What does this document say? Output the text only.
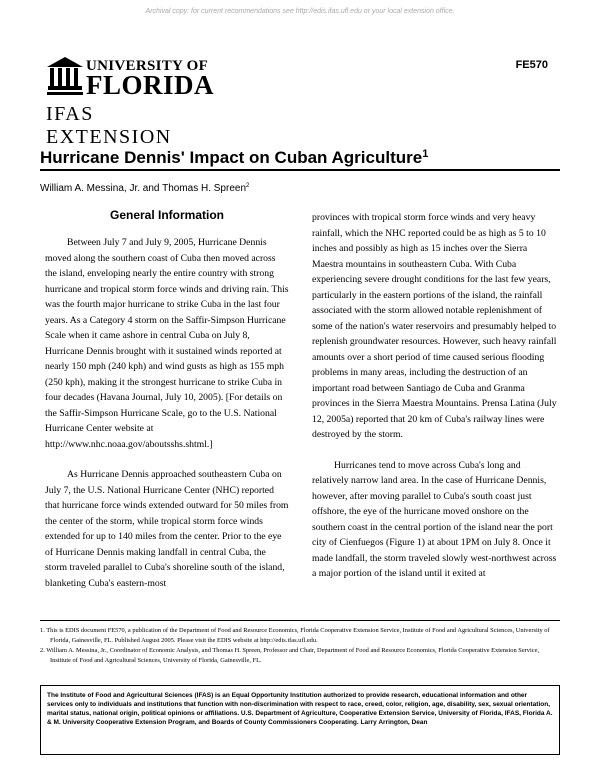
Archival copy: for current recommendations see http://edis.ifas.ufl.edu or your local extension office.
UNIVERSITY OF
FLORIDA
IFAS EXTENSION
FE570
Hurricane Dennis' Impact on Cuban Agriculture$^1$
William A. Messina, Jr. and Thomas H. Spreen$^2$
General Information

Between July 7 and July 9, 2005, Hurricane Dennis moved along the southern coast of Cuba then moved across the island, enveloping nearly the entire country with strong hurricane and tropical storm force winds and driving rain. This was the fourth major hurricane to strike Cuba in the last four years. As a Category 4 storm on the Saffir-Simpson Hurricane Scale when it came ashore in central Cuba on July 8, Hurricane Dennis brought with it sustained winds reported at nearly 150 mph (240 kph) and wind gusts as high as 155 mph (250 kph), making it the strongest hurricane to strike Cuba in four decades (Havana Journal, July 10, 2005). [For details on the Saffir-Simpson Hurricane Scale, go to the U.S. National Hurricane Center website at http://www.nhc.noaa.gov/aboutsshs.shtml.]

As Hurricane Dennis approached southeastern Cuba on July 7, the U.S. National Hurricane Center (NHC) reported that hurricane force winds extended outward for 50 miles from the center of the storm, while tropical storm force winds extended for up to 140 miles from the center. Prior to the eye of Hurricane Dennis making landfall in central Cuba, the storm traveled parallel to Cuba's shoreline south of the island, blanketing Cuba's eastern-most

provinces with tropical storm force winds and very heavy rainfall, which the NHC reported could be as high as 5 to 10 inches and possibly as high as 15 inches over the Sierra Maestra mountains in southeastern Cuba. With Cuba experiencing severe drought conditions for the last few years, particularly in the eastern portions of the island, the rainfall associated with the storm allowed notable replenishment of some of the nation's water reservoirs and presumably helped to replenish groundwater resources. However, such heavy rainfall amounts over a short period of time caused serious flooding problems in many areas, including the destruction of an important road between Santiago de Cuba and Granma provinces in the Sierra Maestra Mountains. Prensa Latina (July 12, 2005a) reported that 20 km of Cuba's railway lines were destroyed by the storm.

Hurricanes tend to move across Cuba's long and relatively narrow land area. In the case of Hurricane Dennis, however, after moving parallel to Cuba's south coast just offshore, the eye of the hurricane moved onshore on the southern coast in the central portion of the island near the port city of Cienfuegos (Figure 1) at about 1PM on July 8. Once it made landfall, the storm traveled slowly west-northwest across a major portion of the island until it exited at

1. This is EDIS document FE570, a publication of the Department of Food and Resource Economics, Florida Cooperative Extension Service, Institute of Food and Agricultural Sciences, University of Florida, Gainesville, FL. Published August 2005. Please visit the EDIS website at http://edis.ifas.ufl.edu.

2. William A. Messina, Jr., Coordinator of Economic Analysis, and Thomas H. Spreen, Professor and Chair, Department of Food and Resource Economics, Florida Cooperative Extension Service, Institute of Food and Agricultural Sciences, University of Florida, Gainesville, FL.

The Institute of Food and Agricultural Sciences (IFAS) is an Equal Opportunity Institution authorized to provide research, educational information and other services only to individuals and institutions that function with non-discrimination with respect to race, creed, color, religion, age, disability, sex, sexual orientation, marital status, national origin, political opinions or affiliations. U.S. Department of Agriculture, Cooperative Extension Service, University of Florida, IFAS, Florida A. & M. University Cooperative Extension Program, and Boards of County Commissioners Cooperating. Larry Arrington, Dean
